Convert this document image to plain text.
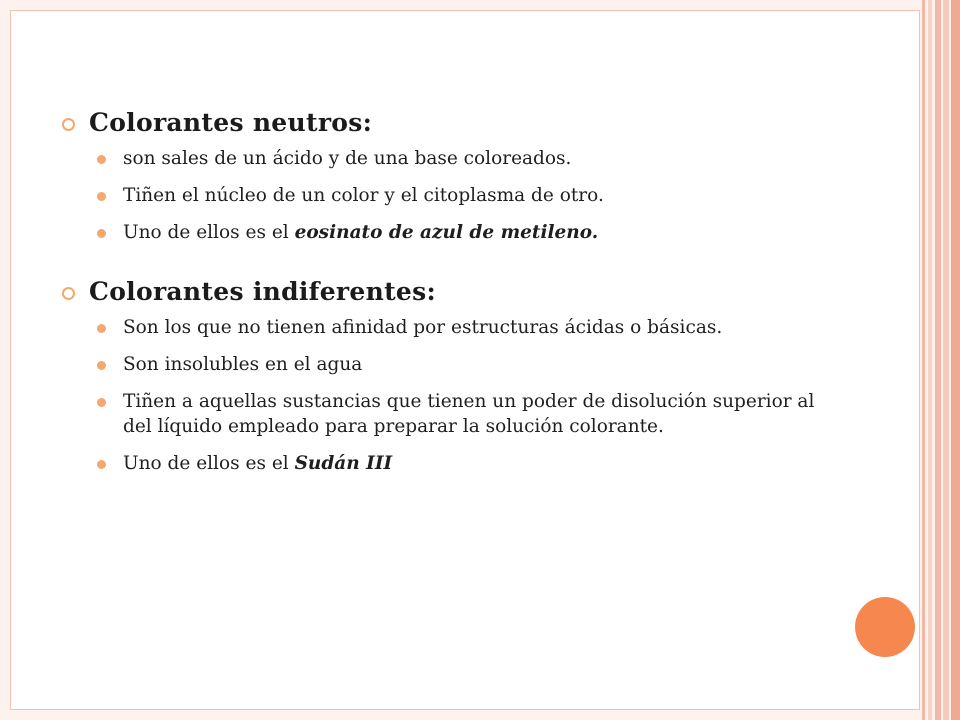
Colorantes neutros:
son sales de un ácido y de una base coloreados.
Tiñen el núcleo de un color y el citoplasma de otro.
Uno de ellos es el eosinato de azul de metileno.
Colorantes indiferentes:
Son los que no tienen afinidad por estructuras ácidas o básicas.
Son insolubles en el agua
Tiñen a aquellas sustancias que tienen un poder de disolución superior al del líquido empleado para preparar la solución colorante.
Uno de ellos es el Sudán III
